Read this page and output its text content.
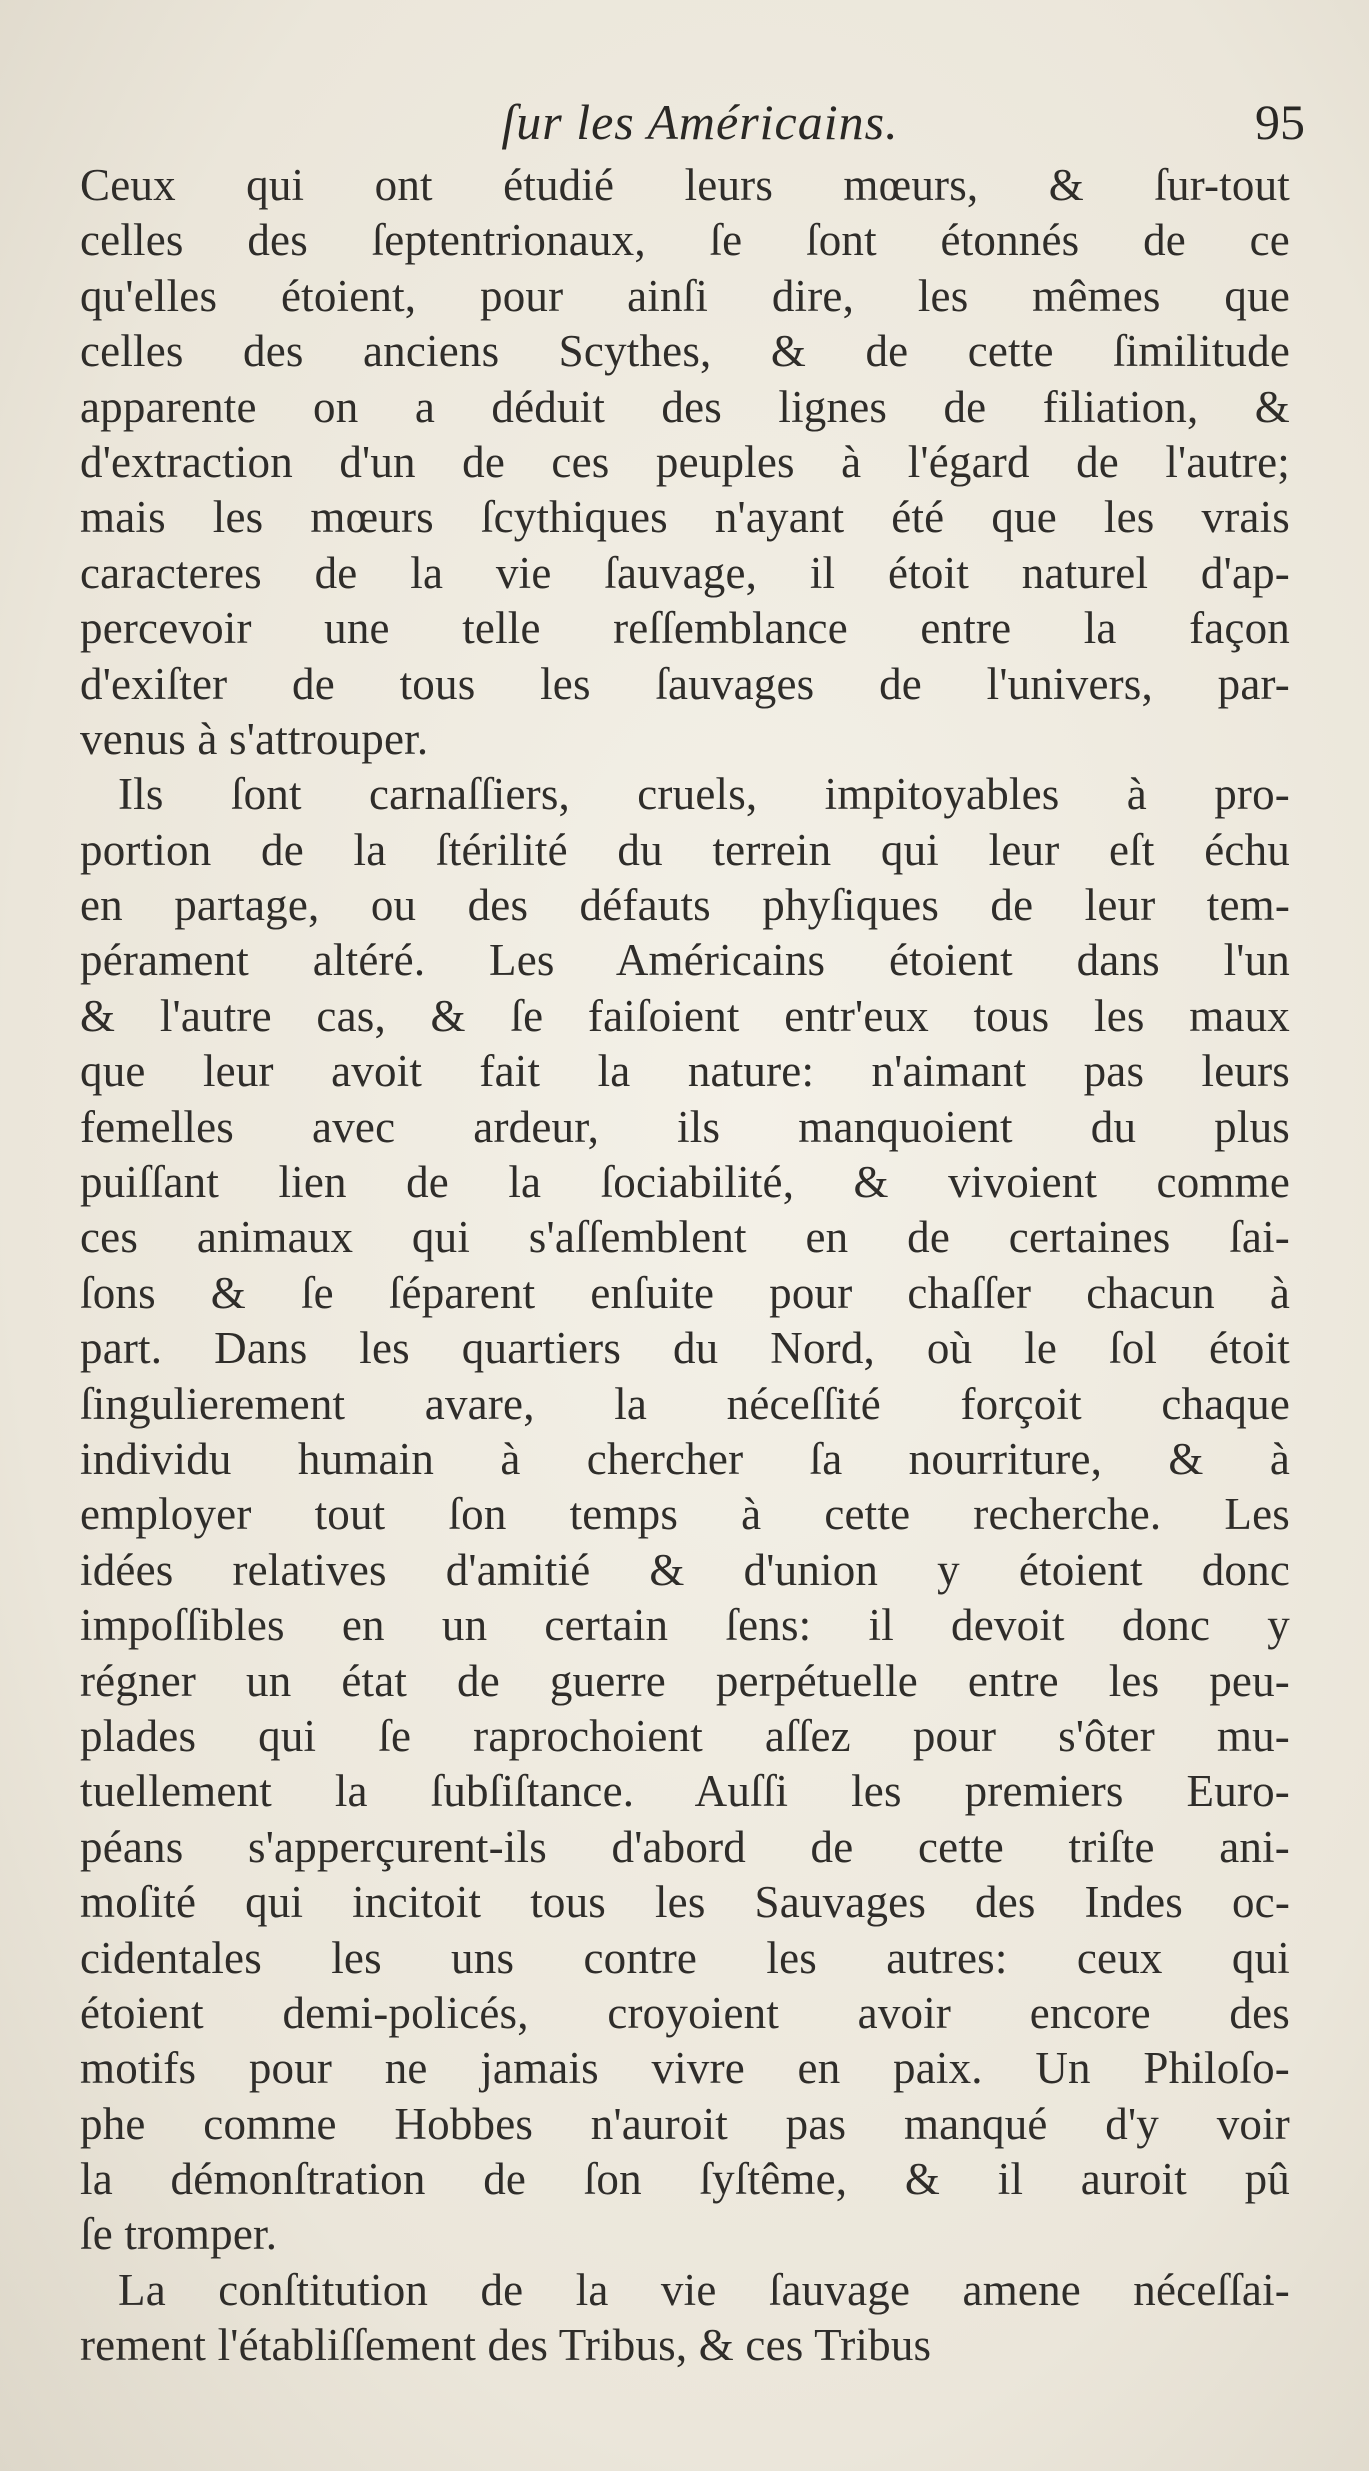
ſur les Américains.	95
Ceux qui ont étudié leurs mœurs, & ſur-tout
celles des ſeptentrionaux, ſe ſont étonnés de ce
qu'elles étoient, pour ainſi dire, les mêmes que
celles des anciens Scythes, & de cette ſimilitude
apparente on a déduit des lignes de filiation, &
d'extraction d'un de ces peuples à l'égard de l'autre;
mais les mœurs ſcythiques n'ayant été que les vrais
caracteres de la vie ſauvage, il étoit naturel d'ap-
percevoir une telle reſſemblance entre la façon
d'exiſter de tous les ſauvages de l'univers, par-
venus à s'attrouper.
Ils ſont carnaſſiers, cruels, impitoyables à pro-
portion de la ſtérilité du terrein qui leur eſt échu
en partage, ou des défauts phyſiques de leur tem-
pérament altéré. Les Américains étoient dans l'un
& l'autre cas, & ſe faiſoient entr'eux tous les maux
que leur avoit fait la nature: n'aimant pas leurs
femelles avec ardeur, ils manquoient du plus
puiſſant lien de la ſociabilité, & vivoient comme
ces animaux qui s'aſſemblent en de certaines ſai-
ſons & ſe ſéparent enſuite pour chaſſer chacun à
part. Dans les quartiers du Nord, où le ſol étoit
ſingulierement avare, la néceſſité forçoit chaque
individu humain à chercher ſa nourriture, & à
employer tout ſon temps à cette recherche. Les
idées relatives d'amitié & d'union y étoient donc
impoſſibles en un certain ſens: il devoit donc y
régner un état de guerre perpétuelle entre les peu-
plades qui ſe raprochoient aſſez pour s'ôter mu-
tuellement la ſubſiſtance. Auſſi les premiers Euro-
péans s'apperçurent-ils d'abord de cette triſte ani-
moſité qui incitoit tous les Sauvages des Indes oc-
cidentales les uns contre les autres: ceux qui
étoient demi-policés, croyoient avoir encore des
motifs pour ne jamais vivre en paix. Un Philoſo-
phe comme Hobbes n'auroit pas manqué d'y voir
la démonſtration de ſon ſyſtême, & il auroit pû
ſe tromper.
La conſtitution de la vie ſauvage amene néceſſai-
rement l'établiſſement des Tribus, & ces Tribus
